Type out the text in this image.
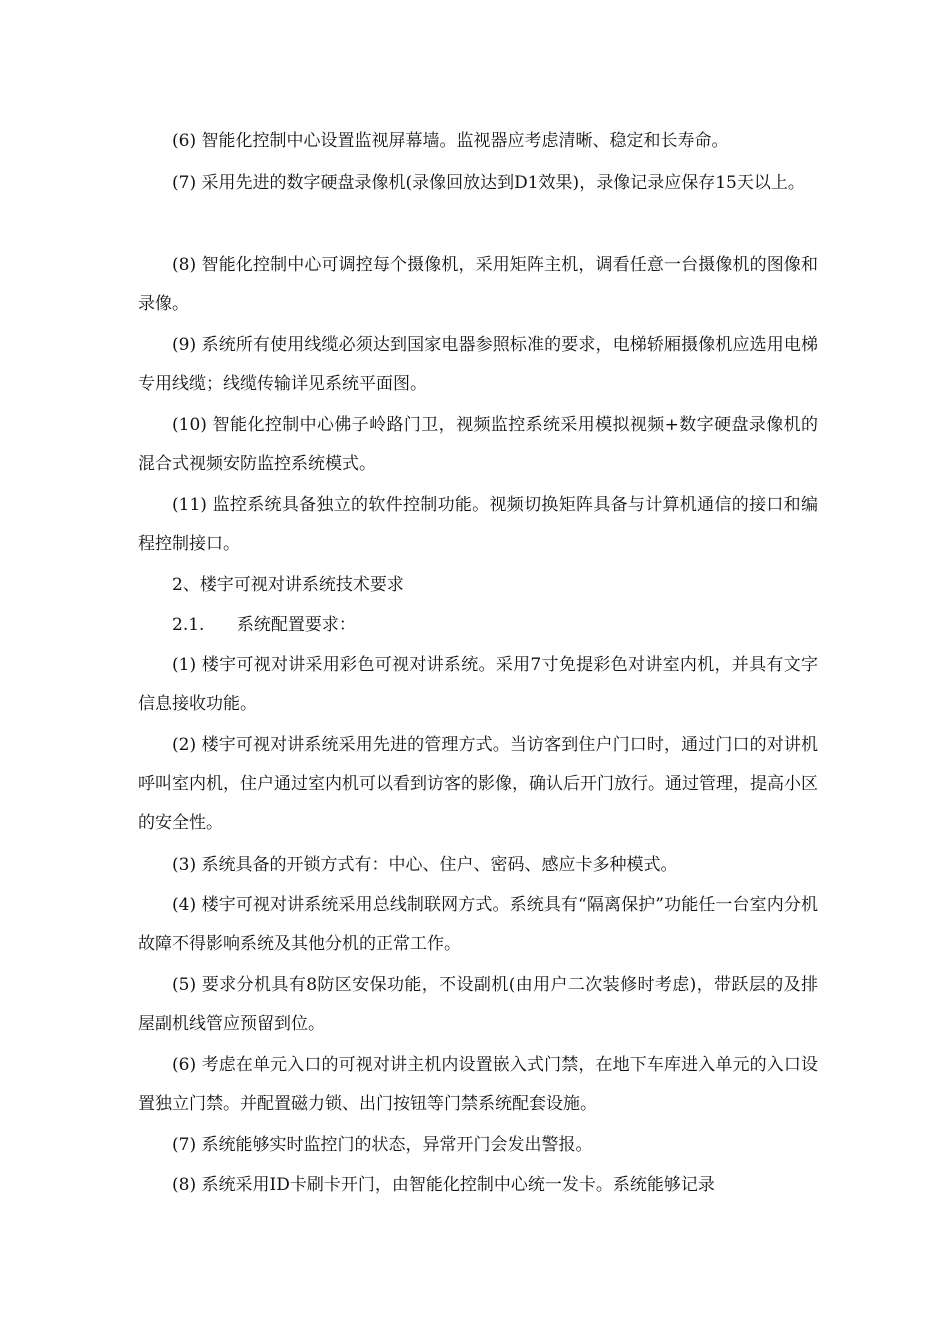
(6) 智能化控制中心设置监视屏幕墙。监视器应考虑清晰、稳定和长寿命。

(7) 采用先进的数字硬盘录像机(录像回放达到D1效果)，录像记录应保存15天以上。

(8) 智能化控制中心可调控每个摄像机，采用矩阵主机，调看任意一台摄像机的图像和录像。

(9) 系统所有使用线缆必须达到国家电器参照标准的要求，电梯轿厢摄像机应选用电梯专用线缆；线缆传输详见系统平面图。

(10) 智能化控制中心佛子岭路门卫，视频监控系统采用模拟视频+数字硬盘录像机的混合式视频安防监控系统模式。

(11) 监控系统具备独立的软件控制功能。视频切换矩阵具备与计算机通信的接口和编程控制接口。

2、楼宇可视对讲系统技术要求

2.1.      系统配置要求：

(1) 楼宇可视对讲采用彩色可视对讲系统。采用7寸免提彩色对讲室内机，并具有文字信息接收功能。

(2) 楼宇可视对讲系统采用先进的管理方式。当访客到住户门口时，通过门口的对讲机呼叫室内机，住户通过室内机可以看到访客的影像，确认后开门放行。通过管理，提高小区的安全性。

(3) 系统具备的开锁方式有：中心、住户、密码、感应卡多种模式。

(4) 楼宇可视对讲系统采用总线制联网方式。系统具有“隔离保护”功能任一台室内分机故障不得影响系统及其他分机的正常工作。

(5) 要求分机具有8防区安保功能，不设副机(由用户二次装修时考虑)，带跃层的及排屋副机线管应预留到位。

(6) 考虑在单元入口的可视对讲主机内设置嵌入式门禁，在地下车库进入单元的入口设置独立门禁。并配置磁力锁、出门按钮等门禁系统配套设施。

(7) 系统能够实时监控门的状态，异常开门会发出警报。

(8) 系统采用ID卡刷卡开门，由智能化控制中心统一发卡。系统能够记录
